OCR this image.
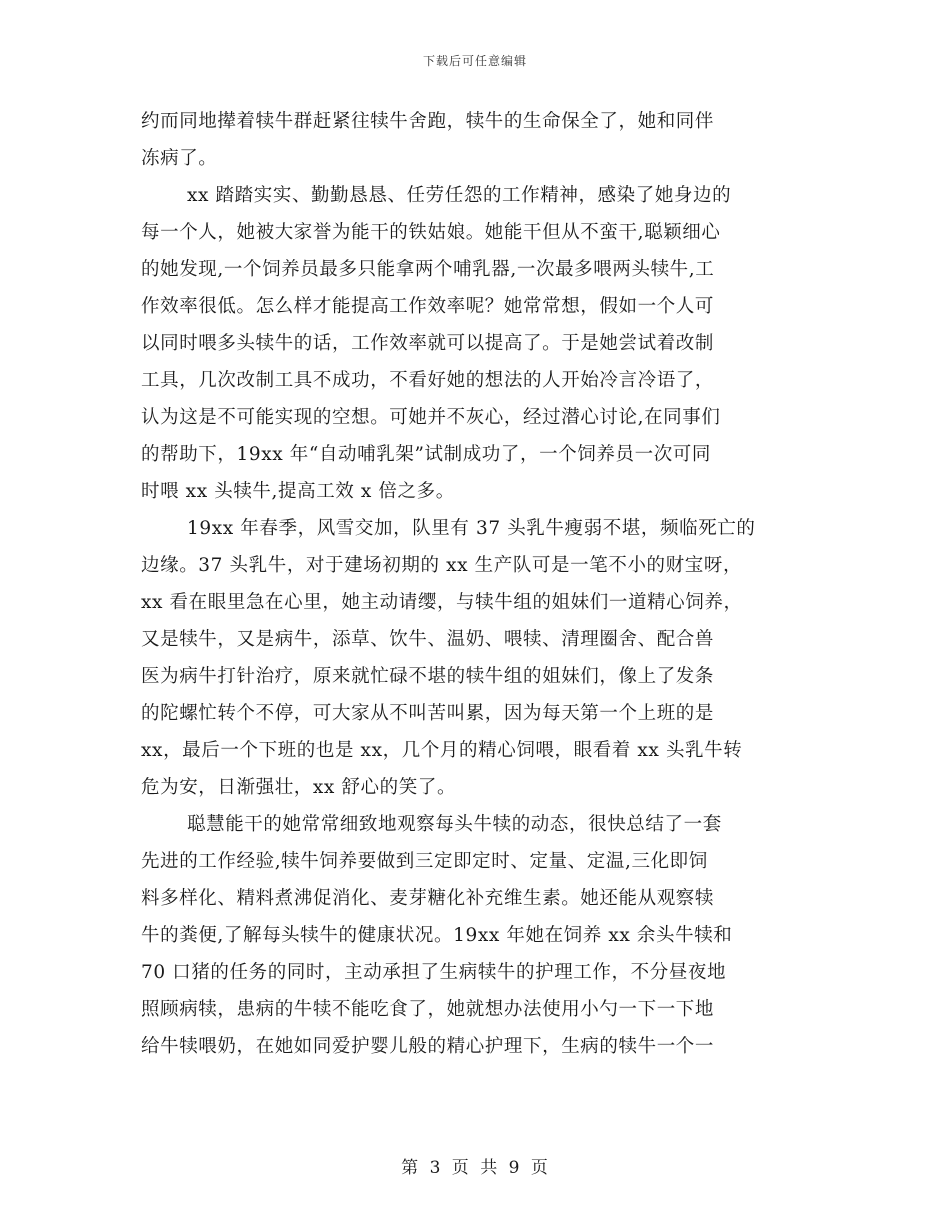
下载后可任意编辑
约而同地撵着犊牛群赶紧往犊牛舍跑，犊牛的生命保全了，她和同伴
冻病了。
xx 踏踏实实、勤勤恳恳、任劳任怨的工作精神，感染了她身边的
每一个人，她被大家誉为能干的铁姑娘。她能干但从不蛮干,聪颖细心
的她发现,一个饲养员最多只能拿两个哺乳器,一次最多喂两头犊牛,工
作效率很低。怎么样才能提高工作效率呢？她常常想，假如一个人可
以同时喂多头犊牛的话，工作效率就可以提高了。于是她尝试着改制
工具，几次改制工具不成功，不看好她的想法的人开始冷言冷语了，
认为这是不可能实现的空想。可她并不灰心，经过潜心讨论,在同事们
的帮助下，19xx 年“自动哺乳架”试制成功了，一个饲养员一次可同
时喂 xx 头犊牛,提高工效 x 倍之多。
19xx 年春季，风雪交加，队里有 37 头乳牛瘦弱不堪，频临死亡的
边缘。37 头乳牛，对于建场初期的 xx 生产队可是一笔不小的财宝呀，
xx 看在眼里急在心里，她主动请缨，与犊牛组的姐妹们一道精心饲养，
又是犊牛，又是病牛，添草、饮牛、温奶、喂犊、清理圈舍、配合兽
医为病牛打针治疗，原来就忙碌不堪的犊牛组的姐妹们，像上了发条
的陀螺忙转个不停，可大家从不叫苦叫累，因为每天第一个上班的是
xx，最后一个下班的也是 xx，几个月的精心饲喂，眼看着 xx 头乳牛转
危为安，日渐强壮，xx 舒心的笑了。
聪慧能干的她常常细致地观察每头牛犊的动态，很快总结了一套
先进的工作经验,犊牛饲养要做到三定即定时、定量、定温,三化即饲
料多样化、精料煮沸促消化、麦芽糖化补充维生素。她还能从观察犊
牛的粪便,了解每头犊牛的健康状况。19xx 年她在饲养 xx 余头牛犊和
70 口猪的任务的同时，主动承担了生病犊牛的护理工作，不分昼夜地
照顾病犊，患病的牛犊不能吃食了，她就想办法使用小勺一下一下地
给牛犊喂奶，在她如同爱护婴儿般的精心护理下，生病的犊牛一个一
第 3 页 共 9 页
